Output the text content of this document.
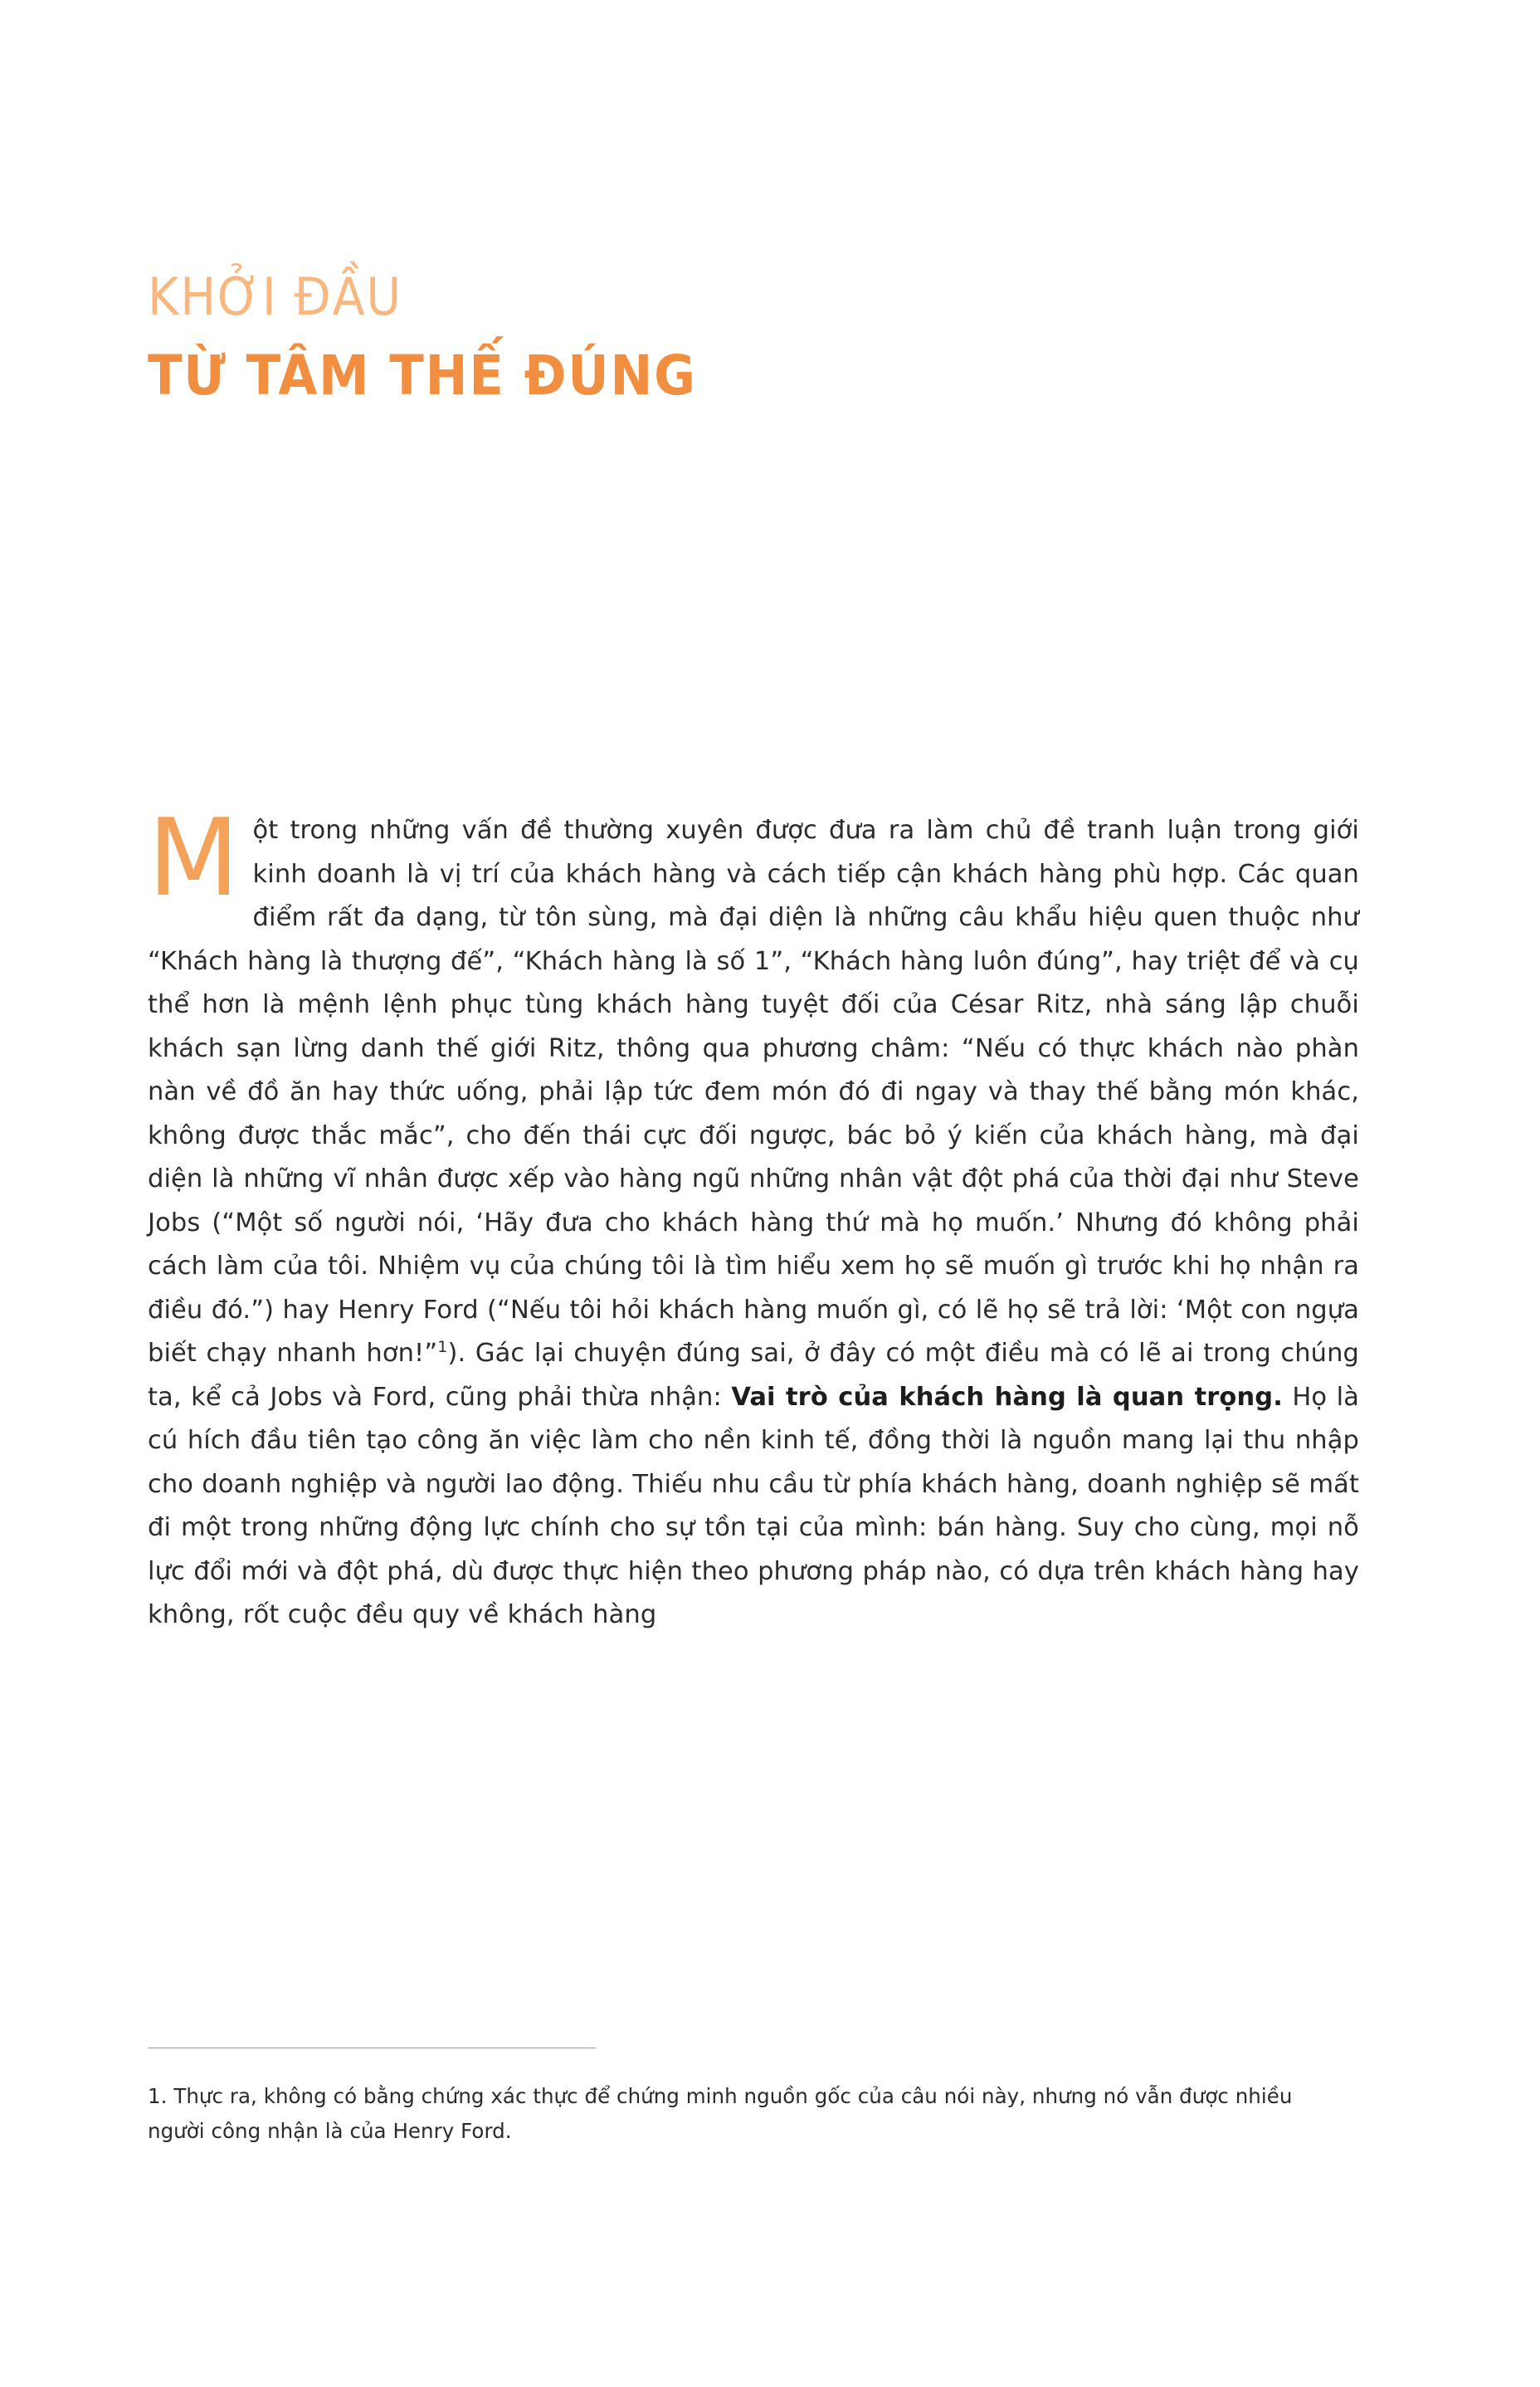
KHỞI ĐẦU
TỪ TÂM THẾ ĐÚNG

Một trong những vấn đề thường xuyên được đưa ra làm chủ đề tranh luận trong giới kinh doanh là vị trí của khách hàng và cách tiếp cận khách hàng phù hợp. Các quan điểm rất đa dạng, từ tôn sùng, mà đại diện là những câu khẩu hiệu quen thuộc như “Khách hàng là thượng đế”, “Khách hàng là số 1”, “Khách hàng luôn đúng”, hay triệt để và cụ thể hơn là mệnh lệnh phục tùng khách hàng tuyệt đối của César Ritz, nhà sáng lập chuỗi khách sạn lừng danh thế giới Ritz, thông qua phương châm: “Nếu có thực khách nào phàn nàn về đồ ăn hay thức uống, phải lập tức đem món đó đi ngay và thay thế bằng món khác, không được thắc mắc”, cho đến thái cực đối ngược, bác bỏ ý kiến của khách hàng, mà đại diện là những vĩ nhân được xếp vào hàng ngũ những nhân vật đột phá của thời đại như Steve Jobs (“Một số người nói, ‘Hãy đưa cho khách hàng thứ mà họ muốn.’ Nhưng đó không phải cách làm của tôi. Nhiệm vụ của chúng tôi là tìm hiểu xem họ sẽ muốn gì trước khi họ nhận ra điều đó.”) hay Henry Ford (“Nếu tôi hỏi khách hàng muốn gì, có lẽ họ sẽ trả lời: ‘Một con ngựa biết chạy nhanh hơn!”$^1$). Gác lại chuyện đúng sai, ở đây có một điều mà có lẽ ai trong chúng ta, kể cả Jobs và Ford, cũng phải thừa nhận: Vai trò của khách hàng là quan trọng. Họ là cú hích đầu tiên tạo công ăn việc làm cho nền kinh tế, đồng thời là nguồn mang lại thu nhập cho doanh nghiệp và người lao động. Thiếu nhu cầu từ phía khách hàng, doanh nghiệp sẽ mất đi một trong những động lực chính cho sự tồn tại của mình: bán hàng. Suy cho cùng, mọi nỗ lực đổi mới và đột phá, dù được thực hiện theo phương pháp nào, có dựa trên khách hàng hay không, rốt cuộc đều quy về khách hàng

1. Thực ra, không có bằng chứng xác thực để chứng minh nguồn gốc của câu nói này, nhưng nó vẫn được nhiều người công nhận là của Henry Ford.
